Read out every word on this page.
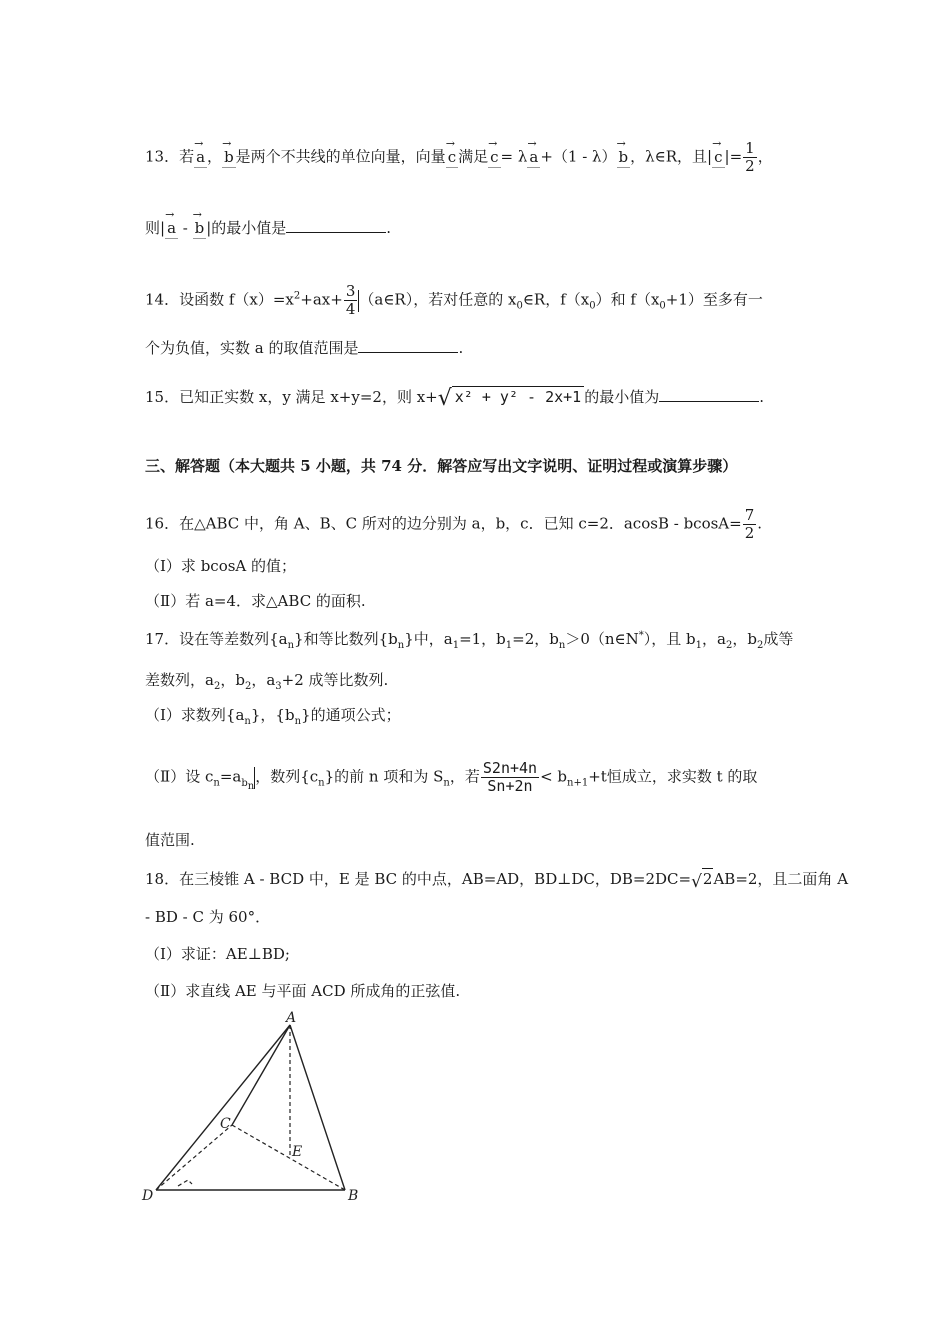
13．若 → a ， → b 是两个不共线的单位向量，向量 → c 满足 → c = λ → a +（1 - λ） → b ，λ∈R，且| → c |= $\frac{1}{2}$ ，
则| → a - → b |的最小值是	.
14．设函数 $f(x)=x^2+ax+ \frac{3}{4}$ （a∈R），若对任意的 $x_0\in R$，$f(x_0)$和 $f(x_0+1)$至多有一
个为负值，实数 a 的取值范围是	.
15．已知正实数 x，y 满足 x+y=2，则 x+√ x² + y² - 2x+1 的最小值为	.
三、解答题（本大题共 5 小题，共 74 分．解答应写出文字说明、证明过程或演算步骤）
16．在△ABC 中，角 A、B、C 所对的边分别为 a，b，c．已知 c=2．$acosB - bcosA= \frac{7}{2}$ .
（I）求 bcosA 的值；
（Ⅱ）若 a=4．求△ABC 的面积.
17．设在等差数列$\{a_n\}$和等比数列$\{b_n\}$中，$a_1=1$，$b_1=2$，$b_n>0(n\in N^*)$，且 $b_1$，$a_2$，$b_2$成等
差数列，$a_2$，$b_2$，$a_3+2$ 成等比数列.
（Ⅰ）求数列$\{a_n\}$，$\{b_n\}$的通项公式；
（Ⅱ）设 $c_n=a_{b_n}$，数列$\{c_n\}$的前 n 项和为 $S_n$，若 $\frac{S2n+4n}{Sn+2n} < b_{n+1}+t$恒成立，求实数 t 的取
值范围.
18．在三棱锥 A - BCD 中，E 是 BC 的中点，AB=AD，BD⊥DC，DB=2DC=√2AB=2，且二面角 A
- BD - C 为 60°．
（Ⅰ）求证：AE⊥BD;
（Ⅱ）求直线 AE 与平面 ACD 所成角的正弦值.
A
C
E
D	B
